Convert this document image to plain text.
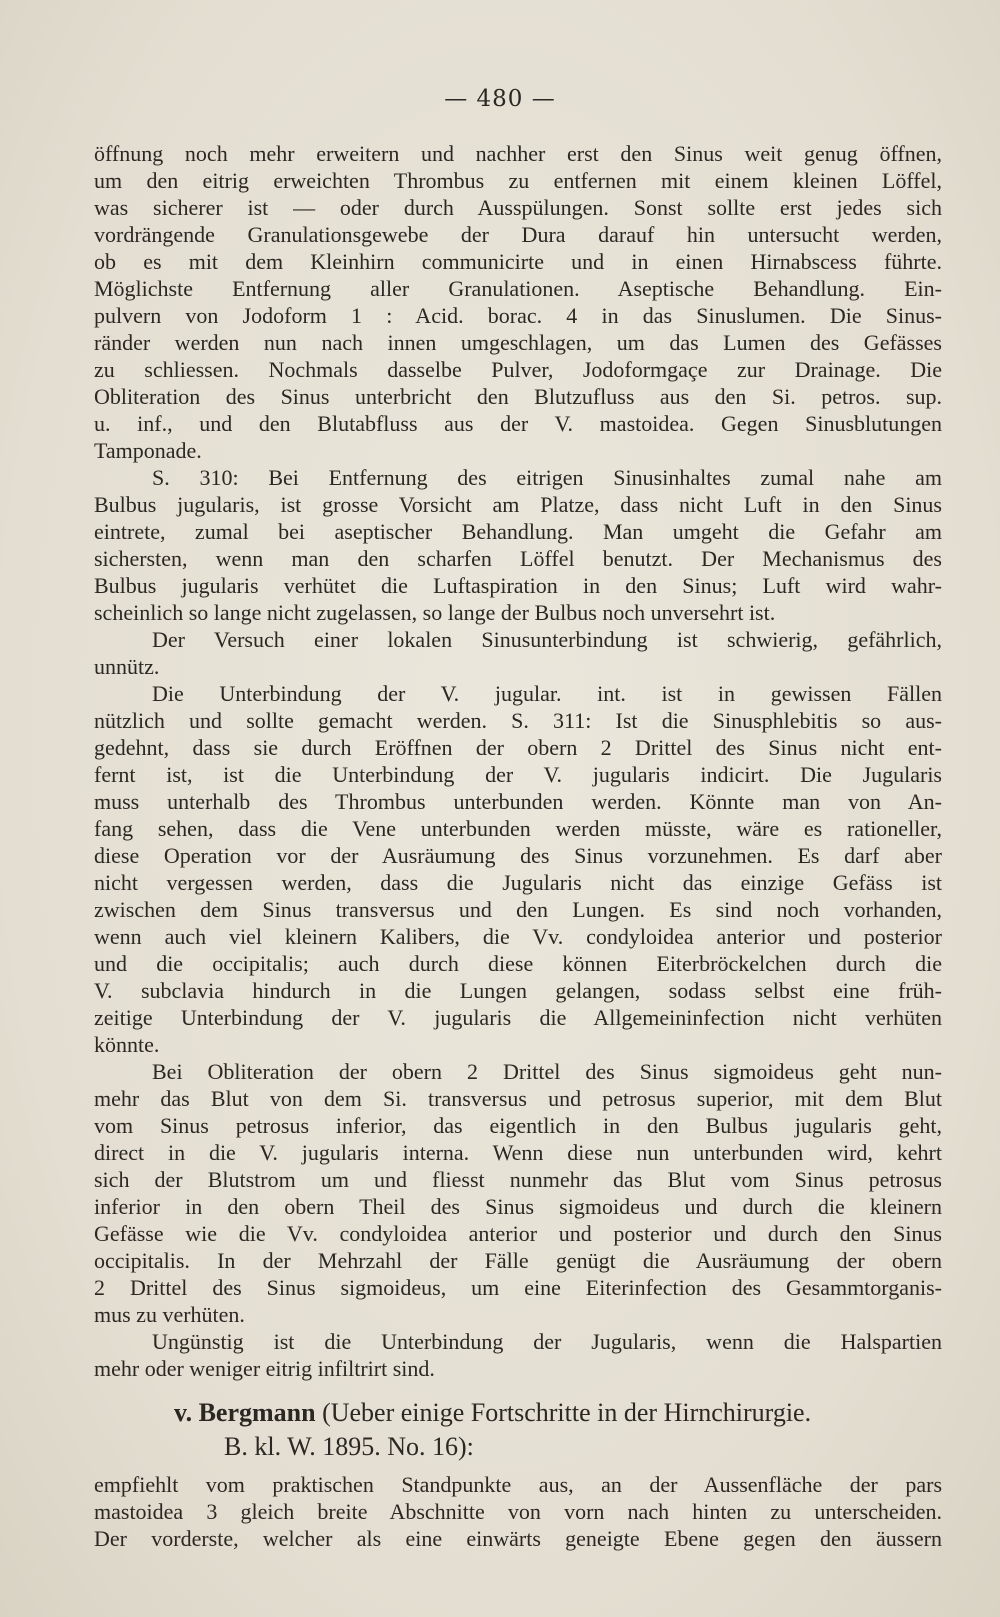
— 480 —
öffnung noch mehr erweitern und nachher erst den Sinus weit genug öffnen,
um den eitrig erweichten Thrombus zu entfernen mit einem kleinen Löffel,
was sicherer ist — oder durch Ausspülungen. Sonst sollte erst jedes sich
vordrängende Granulationsgewebe der Dura darauf hin untersucht werden,
ob es mit dem Kleinhirn communicirte und in einen Hirnabscess führte.
Möglichste Entfernung aller Granulationen. Aseptische Behandlung. Ein-
pulvern von Jodoform 1 : Acid. borac. 4 in das Sinuslumen. Die Sinus-
ränder werden nun nach innen umgeschlagen, um das Lumen des Gefässes
zu schliessen. Nochmals dasselbe Pulver, Jodoformgaçe zur Drainage. Die
Obliteration des Sinus unterbricht den Blutzufluss aus den Si. petros. sup.
u. inf., und den Blutabfluss aus der V. mastoidea. Gegen Sinusblutungen
Tamponade.
S. 310: Bei Entfernung des eitrigen Sinusinhaltes zumal nahe am
Bulbus jugularis, ist grosse Vorsicht am Platze, dass nicht Luft in den Sinus
eintrete, zumal bei aseptischer Behandlung. Man umgeht die Gefahr am
sichersten, wenn man den scharfen Löffel benutzt. Der Mechanismus des
Bulbus jugularis verhütet die Luftaspiration in den Sinus; Luft wird wahr-
scheinlich so lange nicht zugelassen, so lange der Bulbus noch unversehrt ist.
Der Versuch einer lokalen Sinusunterbindung ist schwierig, gefährlich,
unnütz.
Die Unterbindung der V. jugular. int. ist in gewissen Fällen
nützlich und sollte gemacht werden. S. 311: Ist die Sinusphlebitis so aus-
gedehnt, dass sie durch Eröffnen der obern 2 Drittel des Sinus nicht ent-
fernt ist, ist die Unterbindung der V. jugularis indicirt. Die Jugularis
muss unterhalb des Thrombus unterbunden werden. Könnte man von An-
fang sehen, dass die Vene unterbunden werden müsste, wäre es rationeller,
diese Operation vor der Ausräumung des Sinus vorzunehmen. Es darf aber
nicht vergessen werden, dass die Jugularis nicht das einzige Gefäss ist
zwischen dem Sinus transversus und den Lungen. Es sind noch vorhanden,
wenn auch viel kleinern Kalibers, die Vv. condyloidea anterior und posterior
und die occipitalis; auch durch diese können Eiterbröckelchen durch die
V. subclavia hindurch in die Lungen gelangen, sodass selbst eine früh-
zeitige Unterbindung der V. jugularis die Allgemeininfection nicht verhüten
könnte.
Bei Obliteration der obern 2 Drittel des Sinus sigmoideus geht nun-
mehr das Blut von dem Si. transversus und petrosus superior, mit dem Blut
vom Sinus petrosus inferior, das eigentlich in den Bulbus jugularis geht,
direct in die V. jugularis interna. Wenn diese nun unterbunden wird, kehrt
sich der Blutstrom um und fliesst nunmehr das Blut vom Sinus petrosus
inferior in den obern Theil des Sinus sigmoideus und durch die kleinern
Gefässe wie die Vv. condyloidea anterior und posterior und durch den Sinus
occipitalis. In der Mehrzahl der Fälle genügt die Ausräumung der obern
2 Drittel des Sinus sigmoideus, um eine Eiterinfection des Gesammtorganis-
mus zu verhüten.
Ungünstig ist die Unterbindung der Jugularis, wenn die Halspartien
mehr oder weniger eitrig infiltrirt sind.
v. Bergmann (Ueber einige Fortschritte in der Hirnchirurgie.
B. kl. W. 1895. No. 16):
empfiehlt vom praktischen Standpunkte aus, an der Aussenfläche der pars
mastoidea 3 gleich breite Abschnitte von vorn nach hinten zu unterscheiden.
Der vorderste, welcher als eine einwärts geneigte Ebene gegen den äussern
